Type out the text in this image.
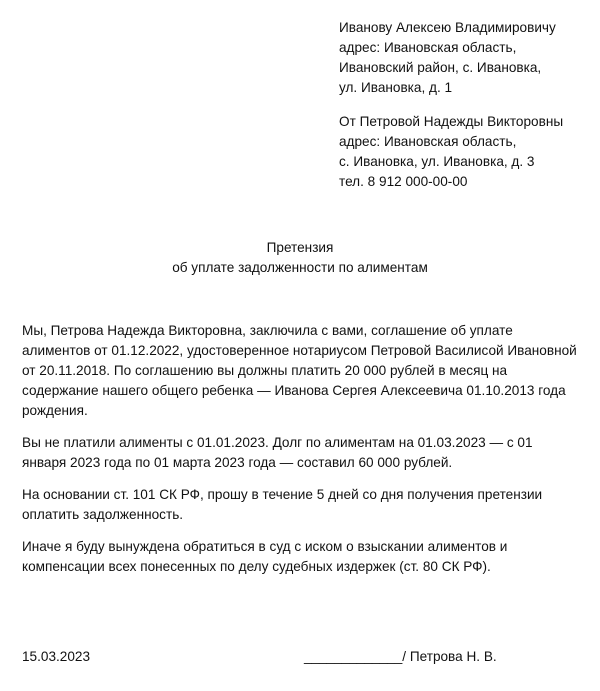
Иванову Алексею Владимировичу
адрес: Ивановская область,
Ивановский район, с. Ивановка,
ул. Ивановка, д. 1
От Петровой Надежды Викторовны
адрес: Ивановская область,
с. Ивановка, ул. Ивановка, д. 3
тел. 8 912 000-00-00
Претензия
об уплате задолженности по алиментам

Мы, Петрова Надежда Викторовна, заключила с вами, соглашение об уплате
алиментов от 01.12.2022, удостоверенное нотариусом Петровой Василисой Ивановной
от 20.11.2018. По соглашению вы должны платить 20 000 рублей в месяц на
содержание нашего общего ребенка — Иванова Сергея Алексеевича 01.10.2013 года
рождения.

Вы не платили алименты с 01.01.2023. Долг по алиментам на 01.03.2023 — с 01
января 2023 года по 01 марта 2023 года — составил 60 000 рублей.

На основании ст. 101 СК РФ, прошу в течение 5 дней со дня получения претензии
оплатить задолженность.

Иначе я буду вынуждена обратиться в суд с иском о взыскании алиментов и
компенсации всех понесенных по делу судебных издержек (ст. 80 СК РФ).

15.03.2023	_____________/ Петрова Н. В.
